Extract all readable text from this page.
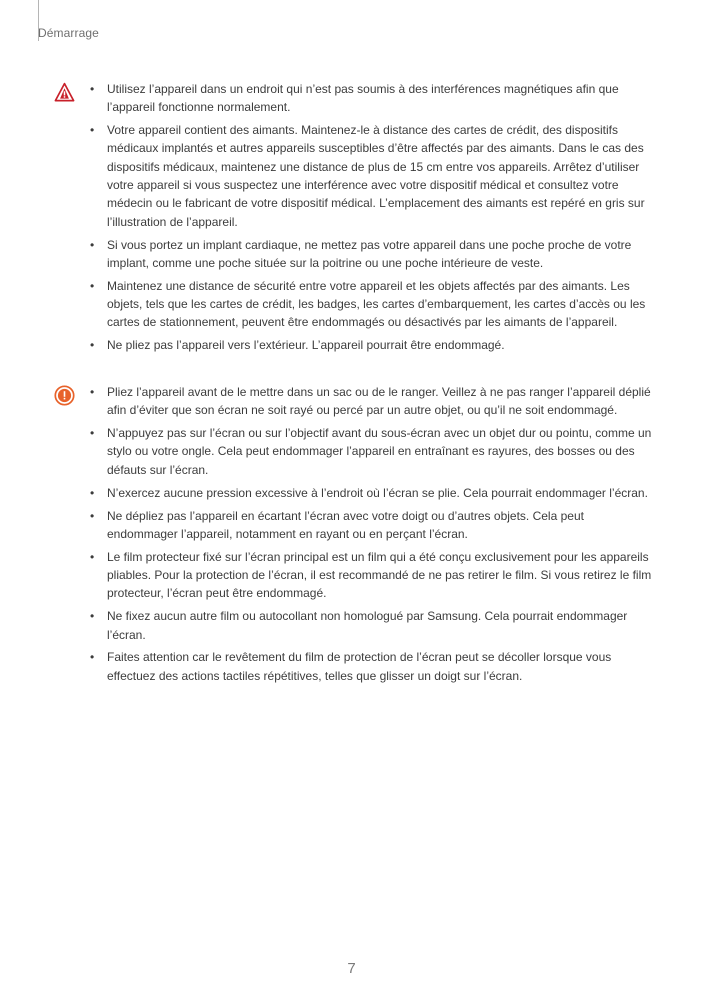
Démarrage
• Utilisez l’appareil dans un endroit qui n’est pas soumis à des interférences magnétiques afin que l’appareil fonctionne normalement.
• Votre appareil contient des aimants. Maintenez-le à distance des cartes de crédit, des dispositifs médicaux implantés et autres appareils susceptibles d’être affectés par des aimants. Dans le cas des dispositifs médicaux, maintenez une distance de plus de 15 cm entre vos appareils. Arrêtez d’utiliser votre appareil si vous suspectez une interférence avec votre dispositif médical et consultez votre médecin ou le fabricant de votre dispositif médical. L’emplacement des aimants est repéré en gris sur l’illustration de l’appareil.
• Si vous portez un implant cardiaque, ne mettez pas votre appareil dans une poche proche de votre implant, comme une poche située sur la poitrine ou une poche intérieure de veste.
• Maintenez une distance de sécurité entre votre appareil et les objets affectés par des aimants. Les objets, tels que les cartes de crédit, les badges, les cartes d’embarquement, les cartes d’accès ou les cartes de stationnement, peuvent être endommagés ou désactivés par les aimants de l’appareil.
• Ne pliez pas l’appareil vers l’extérieur. L’appareil pourrait être endommagé.
• Pliez l’appareil avant de le mettre dans un sac ou de le ranger. Veillez à ne pas ranger l’appareil déplié afin d’éviter que son écran ne soit rayé ou percé par un autre objet, ou qu’il ne soit endommagé.
• N’appuyez pas sur l’écran ou sur l’objectif avant du sous-écran avec un objet dur ou pointu, comme un stylo ou votre ongle. Cela peut endommager l’appareil en entraînant es rayures, des bosses ou des défauts sur l’écran.
• N’exercez aucune pression excessive à l’endroit où l’écran se plie. Cela pourrait endommager l’écran.
• Ne dépliez pas l’appareil en écartant l’écran avec votre doigt ou d’autres objets. Cela peut endommager l’appareil, notamment en rayant ou en perçant l’écran.
• Le film protecteur fixé sur l’écran principal est un film qui a été conçu exclusivement pour les appareils pliables. Pour la protection de l’écran, il est recommandé de ne pas retirer le film. Si vous retirez le film protecteur, l’écran peut être endommagé.
• Ne fixez aucun autre film ou autocollant non homologué par Samsung. Cela pourrait endommager l’écran.
• Faites attention car le revêtement du film de protection de l’écran peut se décoller lorsque vous effectuez des actions tactiles répétitives, telles que glisser un doigt sur l’écran.
7
